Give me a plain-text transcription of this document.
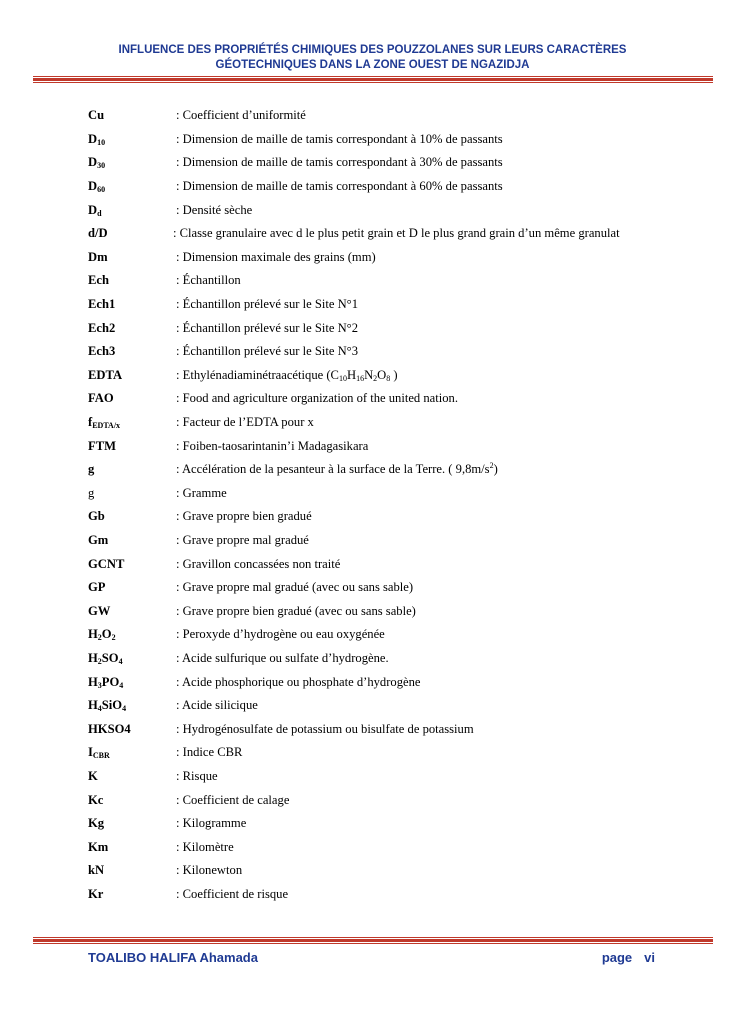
INFLUENCE DES PROPRIÉTÉS CHIMIQUES DES POUZZOLANES SUR LEURS CARACTÈRES
GÉOTECHNIQUES DANS LA ZONE OUEST DE NGAZIDJA
Cu	: Coefficient d’uniformité
$D_{10}$	: Dimension de maille de tamis correspondant à 10% de passants
$D_{30}$	: Dimension de maille de tamis correspondant à 30% de passants
$D_{60}$	: Dimension de maille de tamis correspondant à 60% de passants
$D_d$	: Densité sèche
d/D	: Classe granulaire avec d le plus petit grain et D le plus grand grain d’un même granulat
Dm	: Dimension maximale des grains (mm)
Ech	: Échantillon
Ech1	: Échantillon prélevé sur le Site N°1
Ech2	: Échantillon prélevé sur le Site N°2
Ech3	: Échantillon prélevé sur le Site N°3
EDTA	: Ethylénadiaminétraacétique ($C_{10}H_{16}N_2O_8$ )
FAO	: Food and agriculture organization of the united nation.
$f_{EDTA/x}$	: Facteur de l’EDTA pour x
FTM	: Foiben-taosarintanin’i Madagasikara
g	: Accélération de la pesanteur à la surface de la Terre. ( $9,8m/s^2$)
g	: Gramme
Gb	: Grave propre bien gradué
Gm	: Grave propre mal gradué
GCNT	: Gravillon concassées non traité
GP	: Grave propre mal gradué (avec ou sans sable)
GW	: Grave propre bien gradué (avec ou sans sable)
$H_2O_2$	: Peroxyde d’hydrogène ou eau oxygénée
$H_2SO_4$	: Acide sulfurique ou sulfate d’hydrogène.
$H_3PO_4$	: Acide phosphorique ou phosphate d’hydrogène
$H_4SiO_4$	: Acide silicique
HKSO4	: Hydrogénosulfate de potassium ou bisulfate de potassium
$I_{CBR}$	: Indice CBR
K	: Risque
Kc	: Coefficient de calage
Kg	: Kilogramme
Km	: Kilomètre
kN	: Kilonewton
Kr	: Coefficient de risque
TOALIBO HALIFA Ahamada	page vi
